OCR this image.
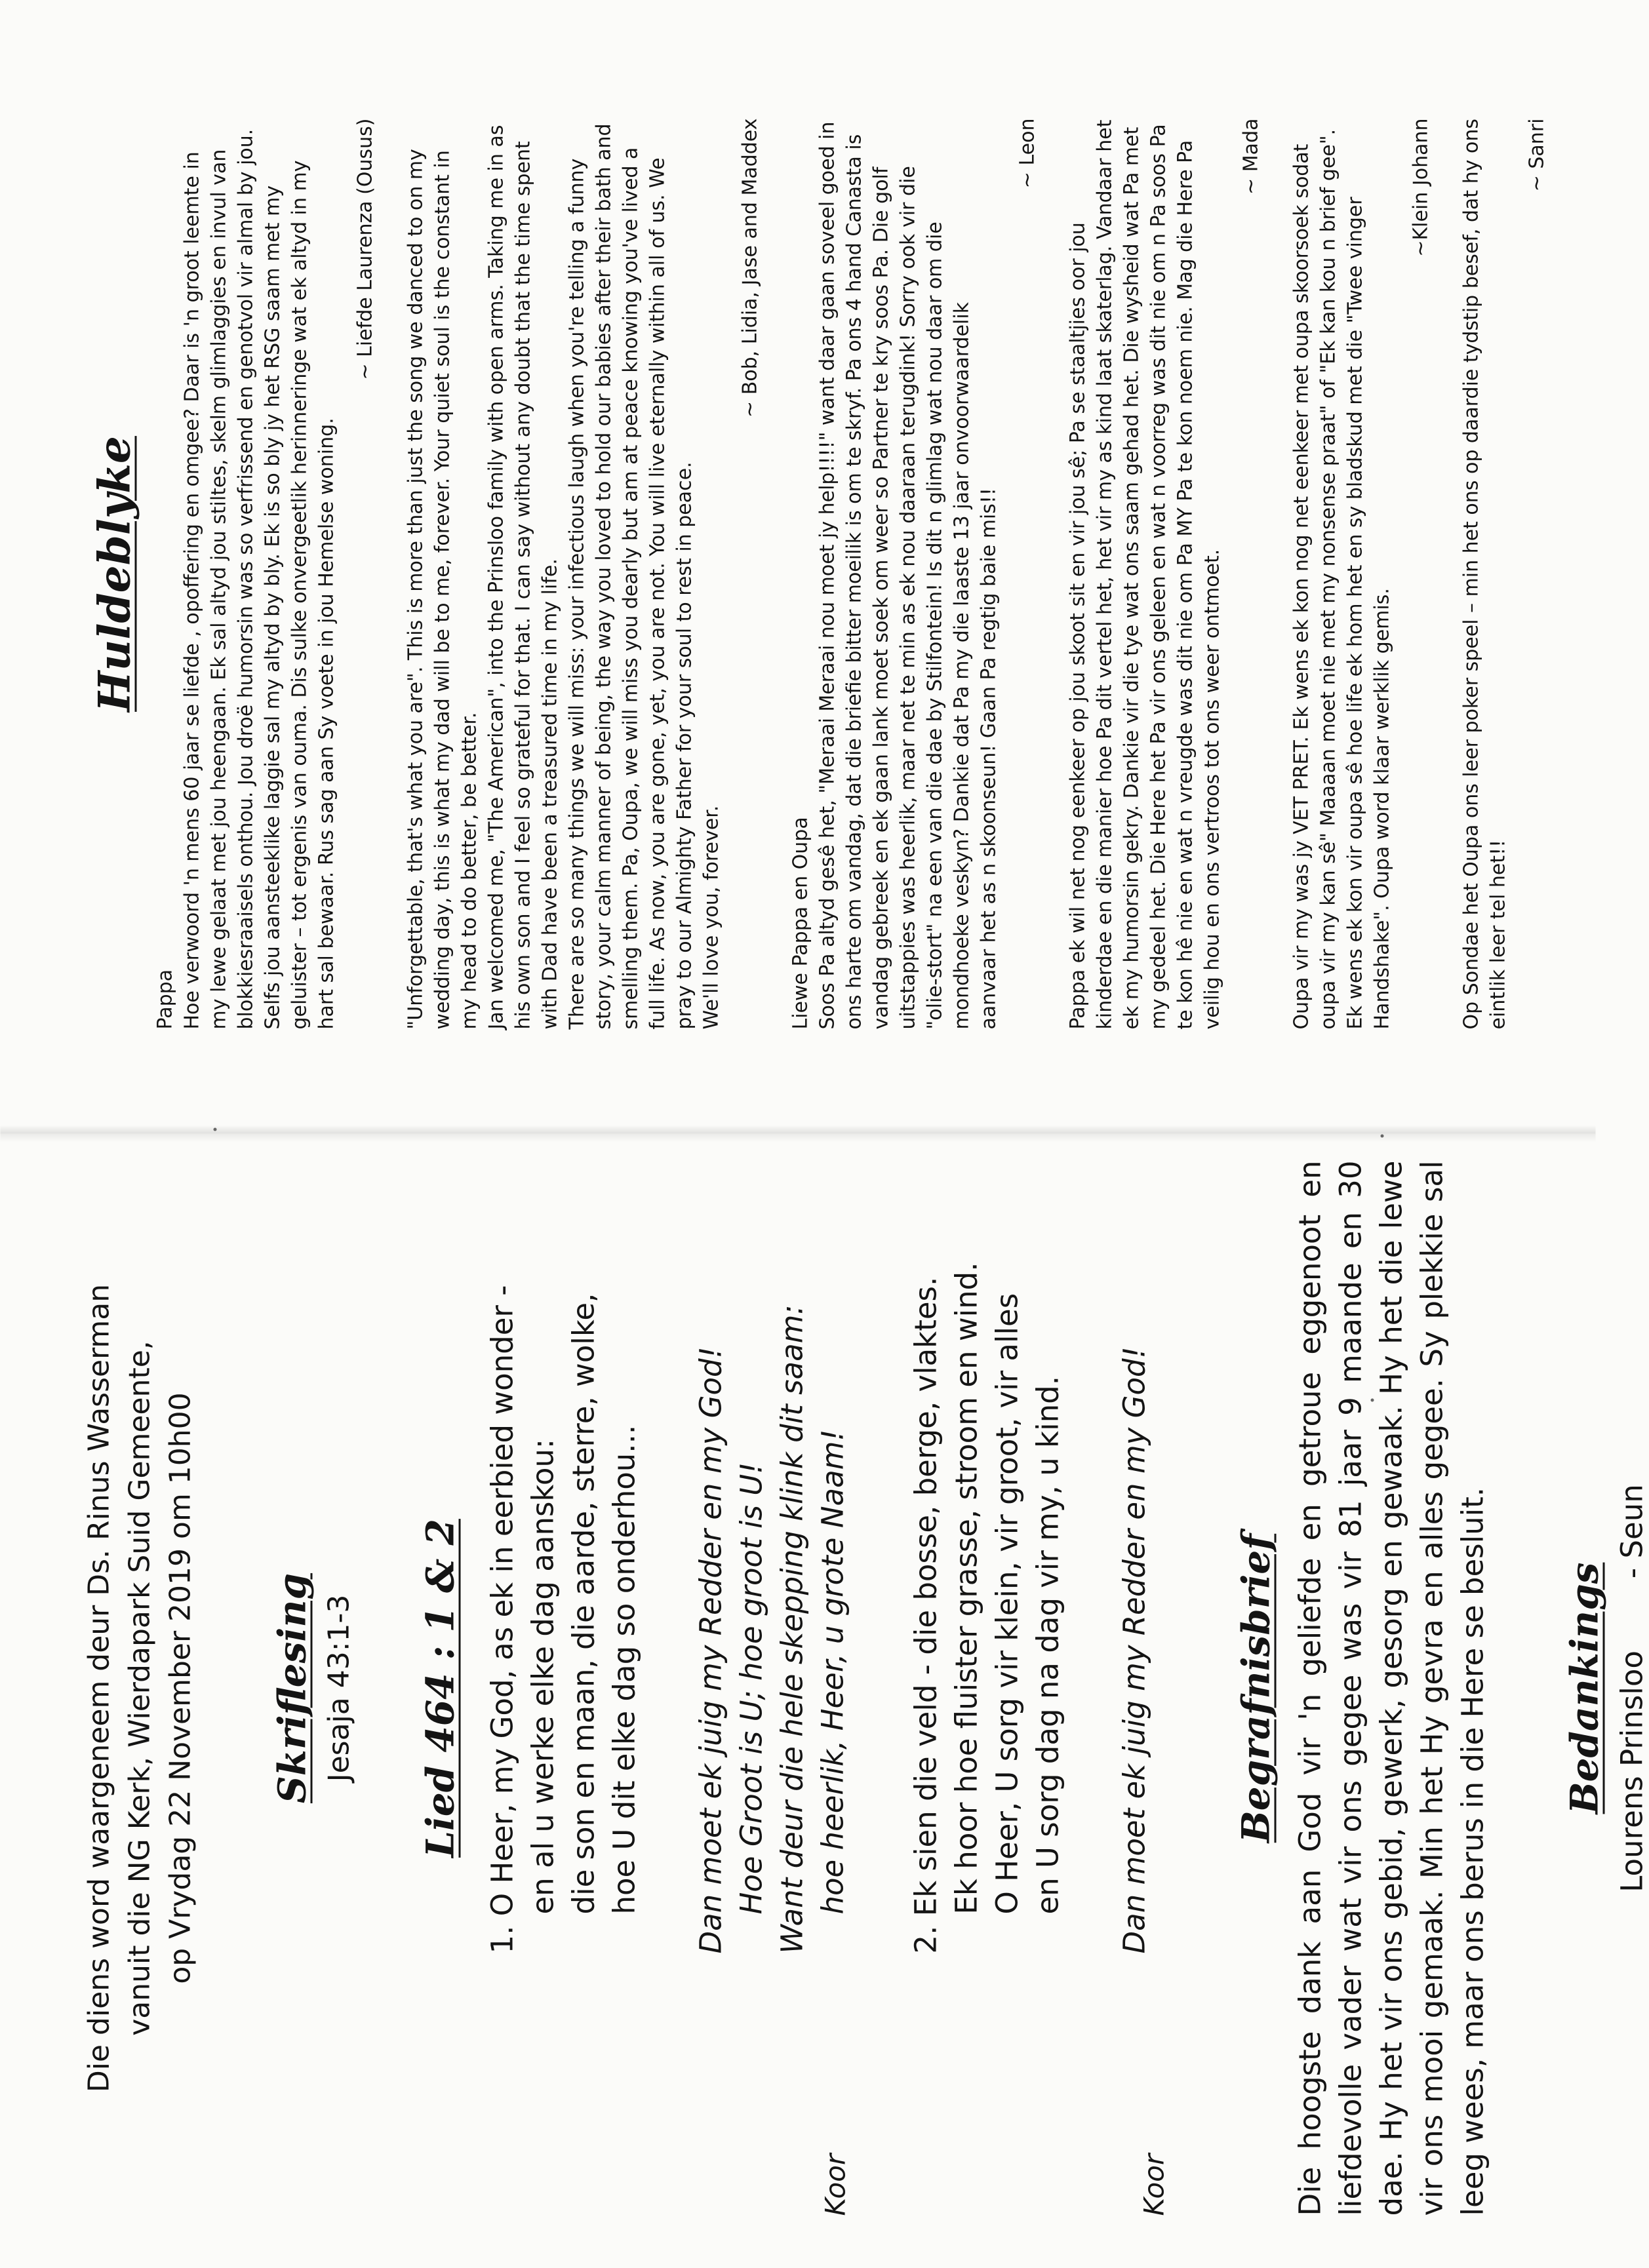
Die diens word waargeneem deur Ds. Rinus Wasserman vanuit die NG Kerk, Wierdapark Suid Gemeente, op Vrydag 22 November 2019 om 10h00 Skriflesing Jesaja 43:1-3 Lied 464 : 1 & 2 1. O Heer, my God, as ek in eerbied wonder - en al u werke elke dag aanskou: die son en maan, die aarde, sterre, wolke, hoe U dit elke dag so onderhou...
Koor
Dan moet ek juig my Redder en my God! Hoe Groot is U; hoe groot is U! Want deur die hele skepping klink dit saam: hoe heerlik, Heer, u grote Naam! 2. Ek sien die veld - die bosse, berge, vlaktes. Ek hoor hoe fluister grasse, stroom en wind. O Heer, U sorg vir klein, vir groot, vir alles en U sorg dag na dag vir my, u kind.
Koor
Dan moet ek juig my Redder en my God! Begrafnisbrief Die hoogste dank aan God vir 'n geliefde en getroue eggenoot en liefdevolle vader wat vir ons gegee was vir 81 jaar 9 maande en 30 dae. Hy het vir ons gebid, gewerk, gesorg en gewaak. Hy het die lewe vir ons mooi gemaak. Min het Hy gevra en alles gegee. Sy plekkie sal leeg wees, maar ons berus in die Here se besluit. Bedankings Lourens Prinsloo
- Seun
Huldeblyke

Pappa Hoe verwoord 'n mens 60 jaar se liefde , opoffering en omgee? Daar is 'n groot leemte in my lewe gelaat met jou heengaan. Ek sal altyd jou stiltes, skelm glimlaggies en invul van blokkiesraaisels onthou. Jou droë humorsin was so verfrissend en genotvol vir almal by jou. Selfs jou aansteeklike laggie sal my altyd by bly. Ek is so bly jy het RSG saam met my geluister – tot ergenis van ouma. Dis sulke onvergeetlik herinneringe wat ek altyd in my hart sal bewaar. Rus sag aan Sy voete in jou Hemelse woning.

~ Liefde Laurenza (Ousus) "Unforgettable, that's what you are". This is more than just the song we danced to on my wedding day, this is what my dad will be to me, forever. Your quiet soul is the constant in my head to do better, be better. Jan welcomed me, "The American", into the Prinsloo family with open arms. Taking me in as his own son and I feel so grateful for that. I can say without any doubt that the time spent with Dad have been a treasured time in my life. There are so many things we will miss: your infectious laugh when you're telling a funny story, your calm manner of being, the way you loved to hold our babies after their bath and smelling them. Pa, Oupa, we will miss you dearly but am at peace knowing you've lived a full life. As now, you are gone, yet, you are not. You will live eternally within all of us. We pray to our Almighty Father for your soul to rest in peace. We'll love you, forever.

~ Bob, Lidia, Jase and Maddex

Liewe Pappa en Oupa Soos Pa altyd gesê het, "Meraai Meraai nou moet jy help!!!!" want daar gaan soveel goed in ons harte om vandag, dat die briefie bitter moeilik is om te skryf. Pa ons 4 hand Canasta is vandag gebreek en ek gaan lank moet soek om weer so Partner te kry soos Pa. Die golf uitstappies was heerlik, maar net te min as ek nou daaraan terugdink! Sorry ook vir die "olie-stort" na een van die dae by Stilfontein! Is dit n glimlag wat nou daar om die mondhoeke veskyn? Dankie dat Pa my die laaste 13 jaar onvoorwaardelik aanvaar het as n skoonseun! Gaan Pa regtig baie mis!!

~ Leon

Pappa ek wil net nog eenkeer op jou skoot sit en vir jou sê; Pa se staaltjies oor jou kinderdae en die manier hoe Pa dit vertel het, het vir my as kind laat skaterlag. Vandaar het ek my humorsin gekry. Dankie vir die tye wat ons saam gehad het. Die wysheid wat Pa met my gedeel het. Die Here het Pa vir ons geleen en wat n voorreg was dit nie om n Pa soos Pa te kon hê nie en wat n vreugde was dit nie om Pa MY Pa te kon noem nie. Mag die Here Pa veilig hou en ons vertroos tot ons weer ontmoet.

~ Mada Oupa vir my was jy VET PRET. Ek wens ek kon nog net eenkeer met oupa skoorsoek sodat oupa vir my kan sê" Maaaan moet nie met my nonsense praat" of "Ek kan kou n brief gee". Ek wens ek kon vir oupa sê hoe life ek hom het en sy bladskud met die "Twee vinger Handshake". Oupa word klaar werklik gemis.

~Klein Johann Op Sondae het Oupa ons leer poker speel – min het ons op daardie tydstip besef, dat hy ons eintlik leer tel het!!

~ Sanri
